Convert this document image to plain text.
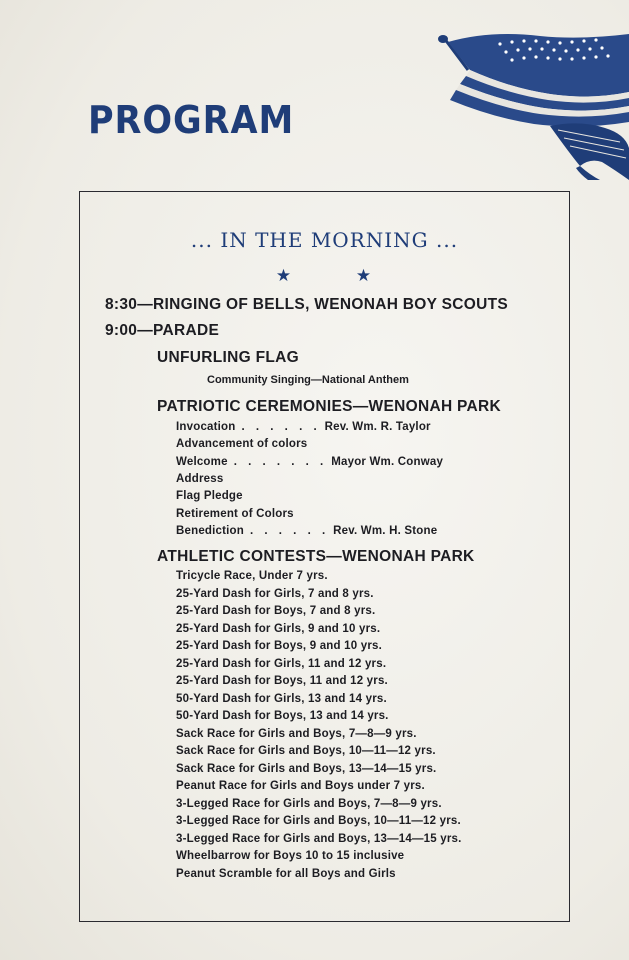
PROGRAM
... IN THE MORNING ...
★ ★
8:30—RINGING OF BELLS, WENONAH BOY SCOUTS
9:00—PARADE
UNFURLING FLAG
Community Singing—National Anthem
PATRIOTIC CEREMONIES—WENONAH PARK
Invocation . . . . . . Rev. Wm. R. Taylor
Advancement of colors
Welcome . . . . . . . Mayor Wm. Conway
Address
Flag Pledge
Retirement of Colors
Benediction . . . . . . Rev. Wm. H. Stone
ATHLETIC CONTESTS—WENONAH PARK
Tricycle Race, Under 7 yrs.
25-Yard Dash for Girls, 7 and 8 yrs.
25-Yard Dash for Boys, 7 and 8 yrs.
25-Yard Dash for Girls, 9 and 10 yrs.
25-Yard Dash for Boys, 9 and 10 yrs.
25-Yard Dash for Girls, 11 and 12 yrs.
25-Yard Dash for Boys, 11 and 12 yrs.
50-Yard Dash for Girls, 13 and 14 yrs.
50-Yard Dash for Boys, 13 and 14 yrs.
Sack Race for Girls and Boys, 7—8—9 yrs.
Sack Race for Girls and Boys, 10—11—12 yrs.
Sack Race for Girls and Boys, 13—14—15 yrs.
Peanut Race for Girls and Boys under 7 yrs.
3-Legged Race for Girls and Boys, 7—8—9 yrs.
3-Legged Race for Girls and Boys, 10—11—12 yrs.
3-Legged Race for Girls and Boys, 13—14—15 yrs.
Wheelbarrow for Boys 10 to 15 inclusive
Peanut Scramble for all Boys and Girls
